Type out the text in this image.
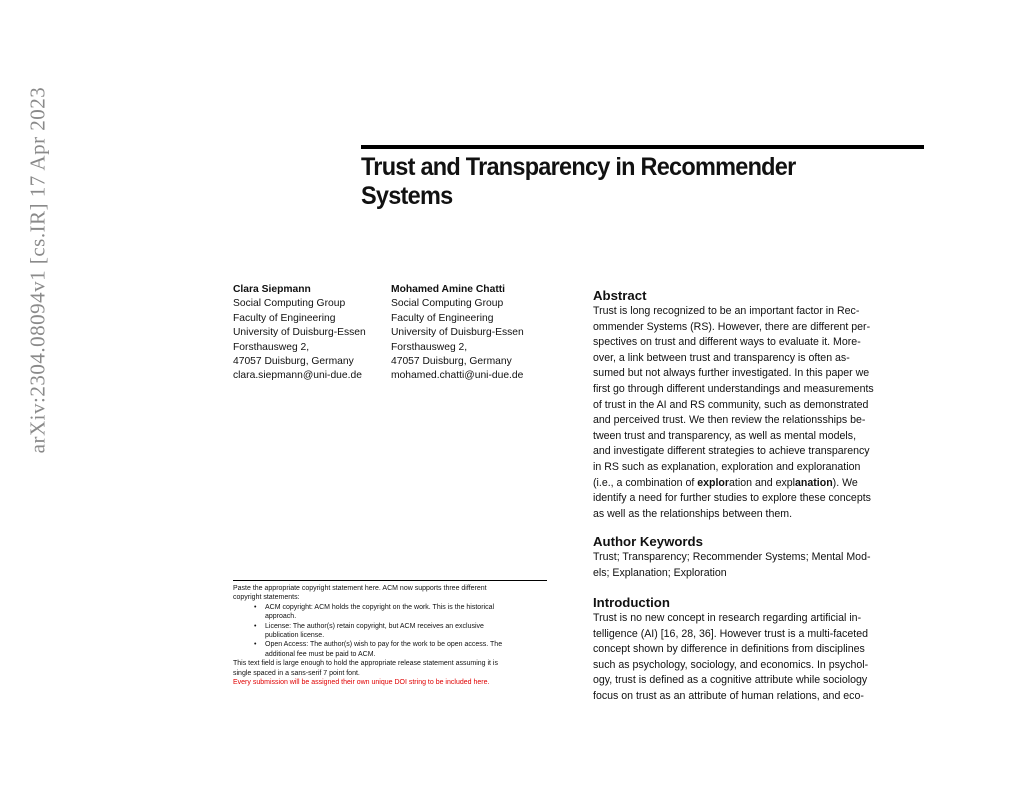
arXiv:2304.08094v1 [cs.IR] 17 Apr 2023	Trust and Transparency in Recommender
Systems
Clara Siepmann
Social Computing Group
Faculty of Engineering
University of Duisburg-Essen
Forsthausweg 2,
47057 Duisburg, Germany
clara.siepmann@uni-due.de
Mohamed Amine Chatti
Social Computing Group
Faculty of Engineering
University of Duisburg-Essen
Forsthausweg 2,
47057 Duisburg, Germany
mohamed.chatti@uni-due.de
Paste the appropriate copyright statement here. ACM now supports three different
copyright statements:
• ACM copyright: ACM holds the copyright on the work. This is the historical
approach.
• License: The author(s) retain copyright, but ACM receives an exclusive
publication license.
• Open Access: The author(s) wish to pay for the work to be open access. The
additional fee must be paid to ACM.
This text field is large enough to hold the appropriate release statement assuming it is
single spaced in a sans-serif 7 point font.
Every submission will be assigned their own unique DOI string to be included here.
Abstract
Trust is long recognized to be an important factor in Rec-
ommender Systems (RS). However, there are different per-
spectives on trust and different ways to evaluate it. More-
over, a link between trust and transparency is often as-
sumed but not always further investigated. In this paper we
first go through different understandings and measurements
of trust in the AI and RS community, such as demonstrated
and perceived trust. We then review the relationsships be-
tween trust and transparency, as well as mental models,
and investigate different strategies to achieve transparency
in RS such as explanation, exploration and exploranation
(i.e., a combination of exploration and explanation). We
identify a need for further studies to explore these concepts
as well as the relationships between them.
Author Keywords
Trust; Transparency; Recommender Systems; Mental Mod-
els; Explanation; Exploration
Introduction
Trust is no new concept in research regarding artificial in-
telligence (AI) [16, 28, 36]. However trust is a multi-faceted
concept shown by difference in definitions from disciplines
such as psychology, sociology, and economics. In psychol-
ogy, trust is defined as a cognitive attribute while sociology
focus on trust as an attribute of human relations, and eco-
